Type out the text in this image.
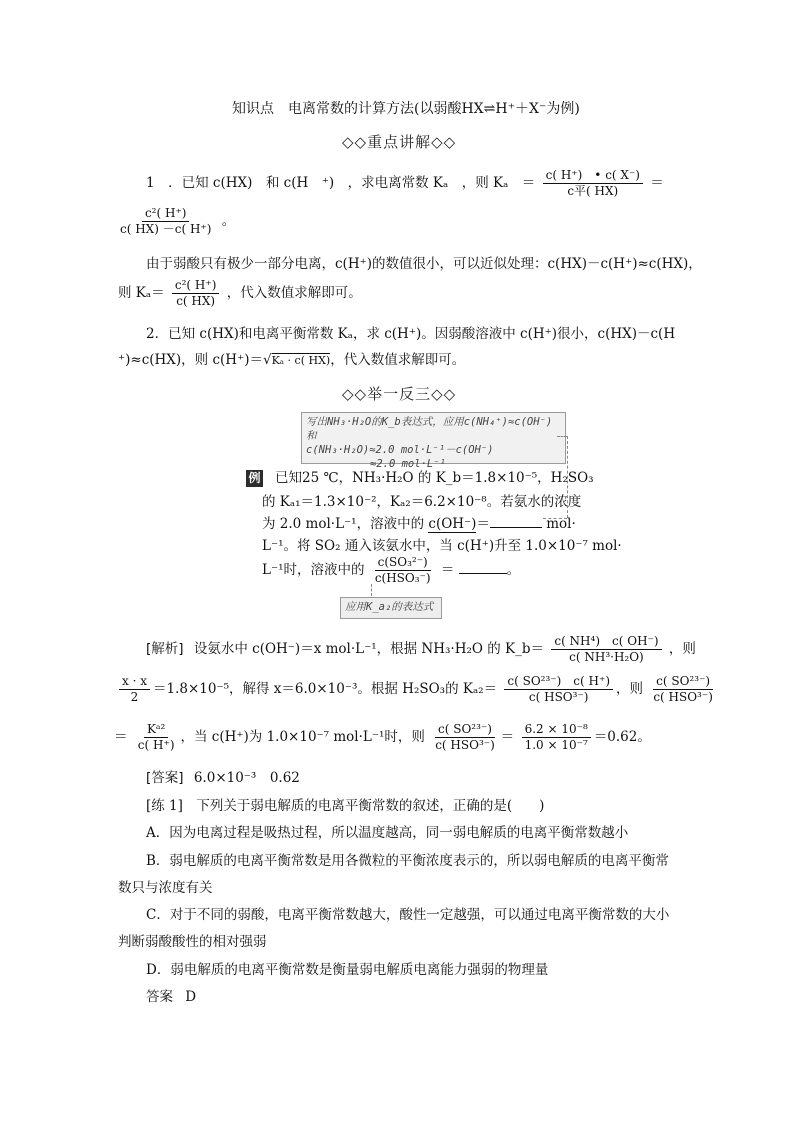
知识点　电离常数的计算方法(以弱酸HX⇌H⁺＋X⁻为例)
◇◇重点讲解◇◇
1　．已知 c(HX)　和 c(H　⁺)　，求电离常数 Kₐ　，则 Kₐ　＝ $\frac{c( H^+) • c( X^-)}{\text{c平( HX)}}$ ＝
$\frac{\text{c²( H⁺)}}{c( HX) -c( H^+)}$ 。
由于弱酸只有极少一部分电离，c(H⁺)的数值很小，可以近似处理：c(HX)－c(H⁺)≈c(HX)，
则 $K_a= \frac{\text{c²( H⁺)}}{c( HX)}$ ，代入数值求解即可。
2．已知 c(HX)和电离平衡常数 Kₐ，求 c(H⁺)。因弱酸溶液中 c(H⁺)很小，c(HX)－c(H
⁺)≈c(HX)，则 c(H⁺)＝√Kₐ · c( HX)，代入数值求解即可。
◇◇举一反三◇◇
写出NH₃·H₂O的K_b表达式，应用c(NH₄⁺)≈c(OH⁻)和
c(NH₃·H₂O)≈2.0 mol·L⁻¹－c(OH⁻)
≈2.0 mol·L⁻¹
例 已知25 ℃，NH₃·H₂O 的 K_b＝1.8×10⁻⁵，H₂SO₃
的 Kₐ₁＝1.3×10⁻²，Kₐ₂＝6.2×10⁻⁸。若氨水的浓度
为 2.0 mol·L⁻¹，溶液中的 c(OH⁻)＝	mol·
L⁻¹。将 SO₂ 通入该氨水中，当 c(H⁺)升至 1.0×10⁻⁷ mol·
L⁻¹时，溶液中的 $\frac{\text{c(SO₃²⁻)}}{\text{c(HSO₃⁻)}}$ ＝	。
应用K_a₂的表达式
[解析] 设氨水中 c(OH⁻)＝x mol·L⁻¹，根据 NH₃·H₂O 的 K_b＝ $\frac{\text{c( NH⁴)　c( OH⁻)}}{\text{c( NH³·H₂O)}}$ ，则
$\frac{x \cdot x}{2} =1.8\times 10^{-5}$，解得 x＝6.0×10⁻³。根据 H₂SO₃的 $K_{a2}= \frac{\text{c( SO²³⁻)　c( H⁺)}}{\text{c( HSO³⁻)}}$ ，则 $\frac{\text{c( SO²³⁻)}}{\text{c( HSO³⁻)}}$
＝ $\frac{\text{Kᵃ²}}{c( H^+)}$ ，当 c(H⁺)为 1.0×10⁻⁷ mol·L⁻¹时，则 $\frac{\text{c( SO²³⁻)}}{\text{c( HSO³⁻)}} = \frac{\text{6.2 × 10⁻⁸}}{\text{1.0 × 10⁻⁷}} =0.62$。
[答案] 6.0×10⁻³　0.62
[练 1]　下列关于弱电解质的电离平衡常数的叙述，正确的是(　　)
A．因为电离过程是吸热过程，所以温度越高，同一弱电解质的电离平衡常数越小
B．弱电解质的电离平衡常数是用各微粒的平衡浓度表示的，所以弱电解质的电离平衡常
数只与浓度有关
C．对于不同的弱酸，电离平衡常数越大，酸性一定越强，可以通过电离平衡常数的大小
判断弱酸酸性的相对强弱
D．弱电解质的电离平衡常数是衡量弱电解质电离能力强弱的物理量
答案 D
